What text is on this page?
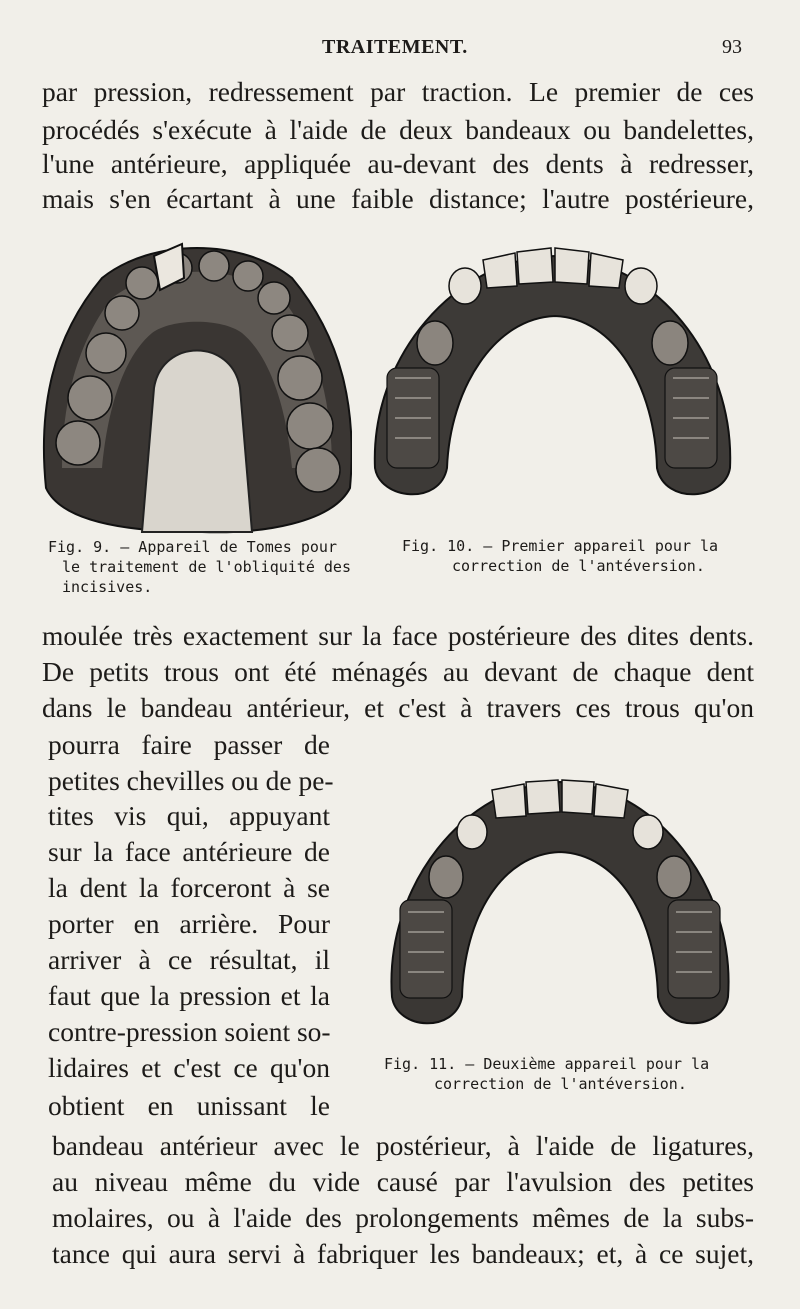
TRAITEMENT.	93
par pression, redressement par traction. Le premier de ces
procédés s'exécute à l'aide de deux bandeaux ou bandelettes,
l'une antérieure, appliquée au-devant des dents à redresser,
mais s'en écartant à une faible distance; l'autre postérieure,
Fig. 9. — Appareil de Tomes pour
le traitement de l'obliquité des
incisives.
Fig. 10. — Premier appareil pour la
correction de l'antéversion.
moulée très exactement sur la face postérieure des dites dents.
De petits trous ont été ménagés au devant de chaque dent
dans le bandeau antérieur, et c'est à travers ces trous qu'on
pourra faire passer de
petites chevilles ou de pe-
tites vis qui, appuyant
sur la face antérieure de
la dent la forceront à se
porter en arrière. Pour
arriver à ce résultat, il
faut que la pression et la
contre-pression soient so-
lidaires et c'est ce qu'on
obtient en unissant le
Fig. 11. — Deuxième appareil pour la
correction de l'antéversion.
bandeau antérieur avec le postérieur, à l'aide de ligatures,
au niveau même du vide causé par l'avulsion des petites
molaires, ou à l'aide des prolongements mêmes de la subs-
tance qui aura servi à fabriquer les bandeaux; et, à ce sujet,
